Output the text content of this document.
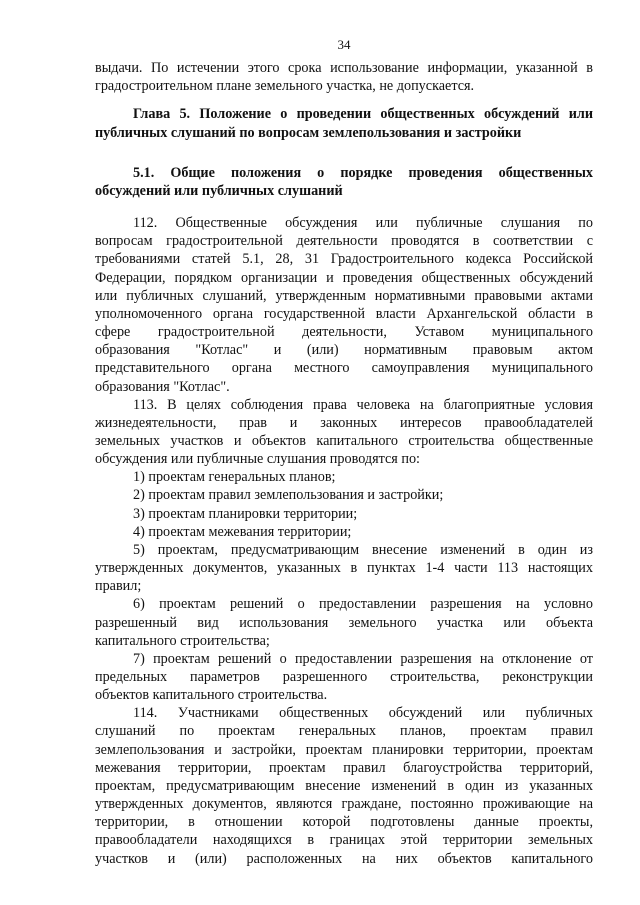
34

выдачи. По истечении этого срока использование информации, указанной в

градостроительном плане земельного участка, не допускается.

Глава 5. Положение о проведении общественных обсуждений или

публичных слушаний по вопросам землепользования и застройки

5.1. Общие положения о порядке проведения общественных

обсуждений или публичных слушаний

112. Общественные обсуждения или публичные слушания по

вопросам градостроительной деятельности проводятся в соответствии с

требованиями статей 5.1, 28, 31 Градостроительного кодекса Российской

Федерации, порядком организации и проведения общественных обсуждений

или публичных слушаний, утвержденным нормативными правовыми актами

уполномоченного органа государственной власти Архангельской области в

сфере градостроительной деятельности, Уставом муниципального

образования "Котлас" и (или) нормативным правовым актом

представительного органа местного самоуправления муниципального

образования "Котлас".

113. В целях соблюдения права человека на благоприятные условия

жизнедеятельности, прав и законных интересов правообладателей

земельных участков и объектов капитального строительства общественные

обсуждения или публичные слушания проводятся по:

1) проектам генеральных планов;

2) проектам правил землепользования и застройки;

3) проектам планировки территории;

4) проектам межевания территории;

5) проектам, предусматривающим внесение изменений в один из

утвержденных документов, указанных в пунктах 1-4 части 113 настоящих

правил;

6) проектам решений о предоставлении разрешения на условно

разрешенный вид использования земельного участка или объекта

капитального строительства;

7) проектам решений о предоставлении разрешения на отклонение от

предельных параметров разрешенного строительства, реконструкции

объектов капитального строительства.

114. Участниками общественных обсуждений или публичных

слушаний по проектам генеральных планов, проектам правил

землепользования и застройки, проектам планировки территории, проектам

межевания территории, проектам правил благоустройства территорий,

проектам, предусматривающим внесение изменений в один из указанных

утвержденных документов, являются граждане, постоянно проживающие на

территории, в отношении которой подготовлены данные проекты,

правообладатели находящихся в границах этой территории земельных

участков и (или) расположенных на них объектов капитального
